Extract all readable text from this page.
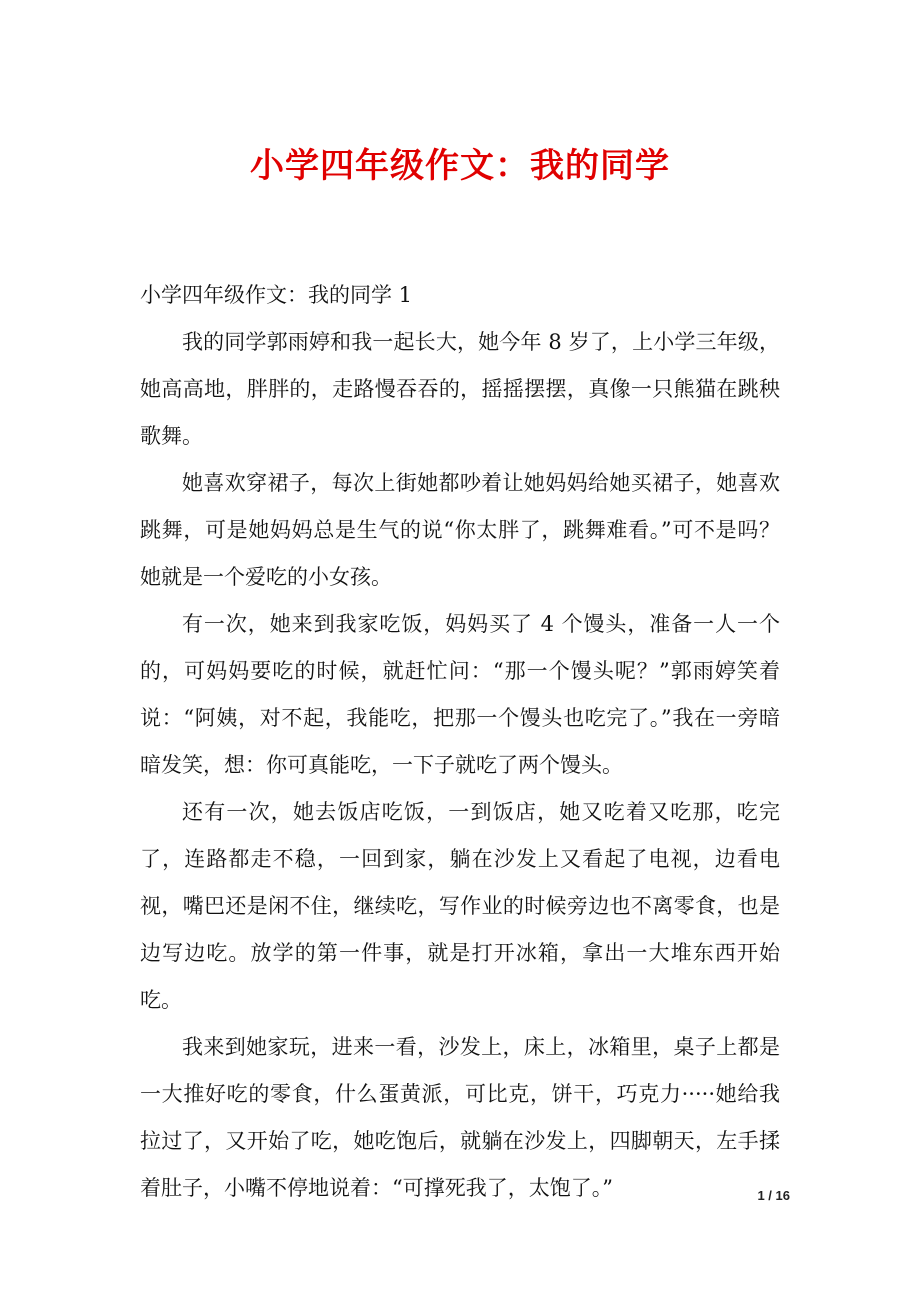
小学四年级作文：我的同学

小学四年级作文：我的同学 1

我的同学郭雨婷和我一起长大，她今年 8 岁了，上小学三年级，她高高地，胖胖的，走路慢吞吞的，摇摇摆摆，真像一只熊猫在跳秧歌舞。

她喜欢穿裙子，每次上街她都吵着让她妈妈给她买裙子，她喜欢跳舞，可是她妈妈总是生气的说“你太胖了，跳舞难看。”可不是吗？她就是一个爱吃的小女孩。

有一次，她来到我家吃饭，妈妈买了 4 个馒头，准备一人一个的，可妈妈要吃的时候，就赶忙问：“那一个馒头呢？”郭雨婷笑着说：“阿姨，对不起，我能吃，把那一个馒头也吃完了。”我在一旁暗暗发笑，想：你可真能吃，一下子就吃了两个馒头。

还有一次，她去饭店吃饭，一到饭店，她又吃着又吃那，吃完了，连路都走不稳，一回到家，躺在沙发上又看起了电视，边看电视，嘴巴还是闲不住，继续吃，写作业的时候旁边也不离零食，也是边写边吃。放学的第一件事，就是打开冰箱，拿出一大堆东西开始吃。

我来到她家玩，进来一看，沙发上，床上，冰箱里，桌子上都是一大推好吃的零食，什么蛋黄派，可比克，饼干，巧克力·····她给我拉过了，又开始了吃，她吃饱后，就躺在沙发上，四脚朝天，左手揉着肚子，小嘴不停地说着：“可撑死我了，太饱了。”	1 / 16
